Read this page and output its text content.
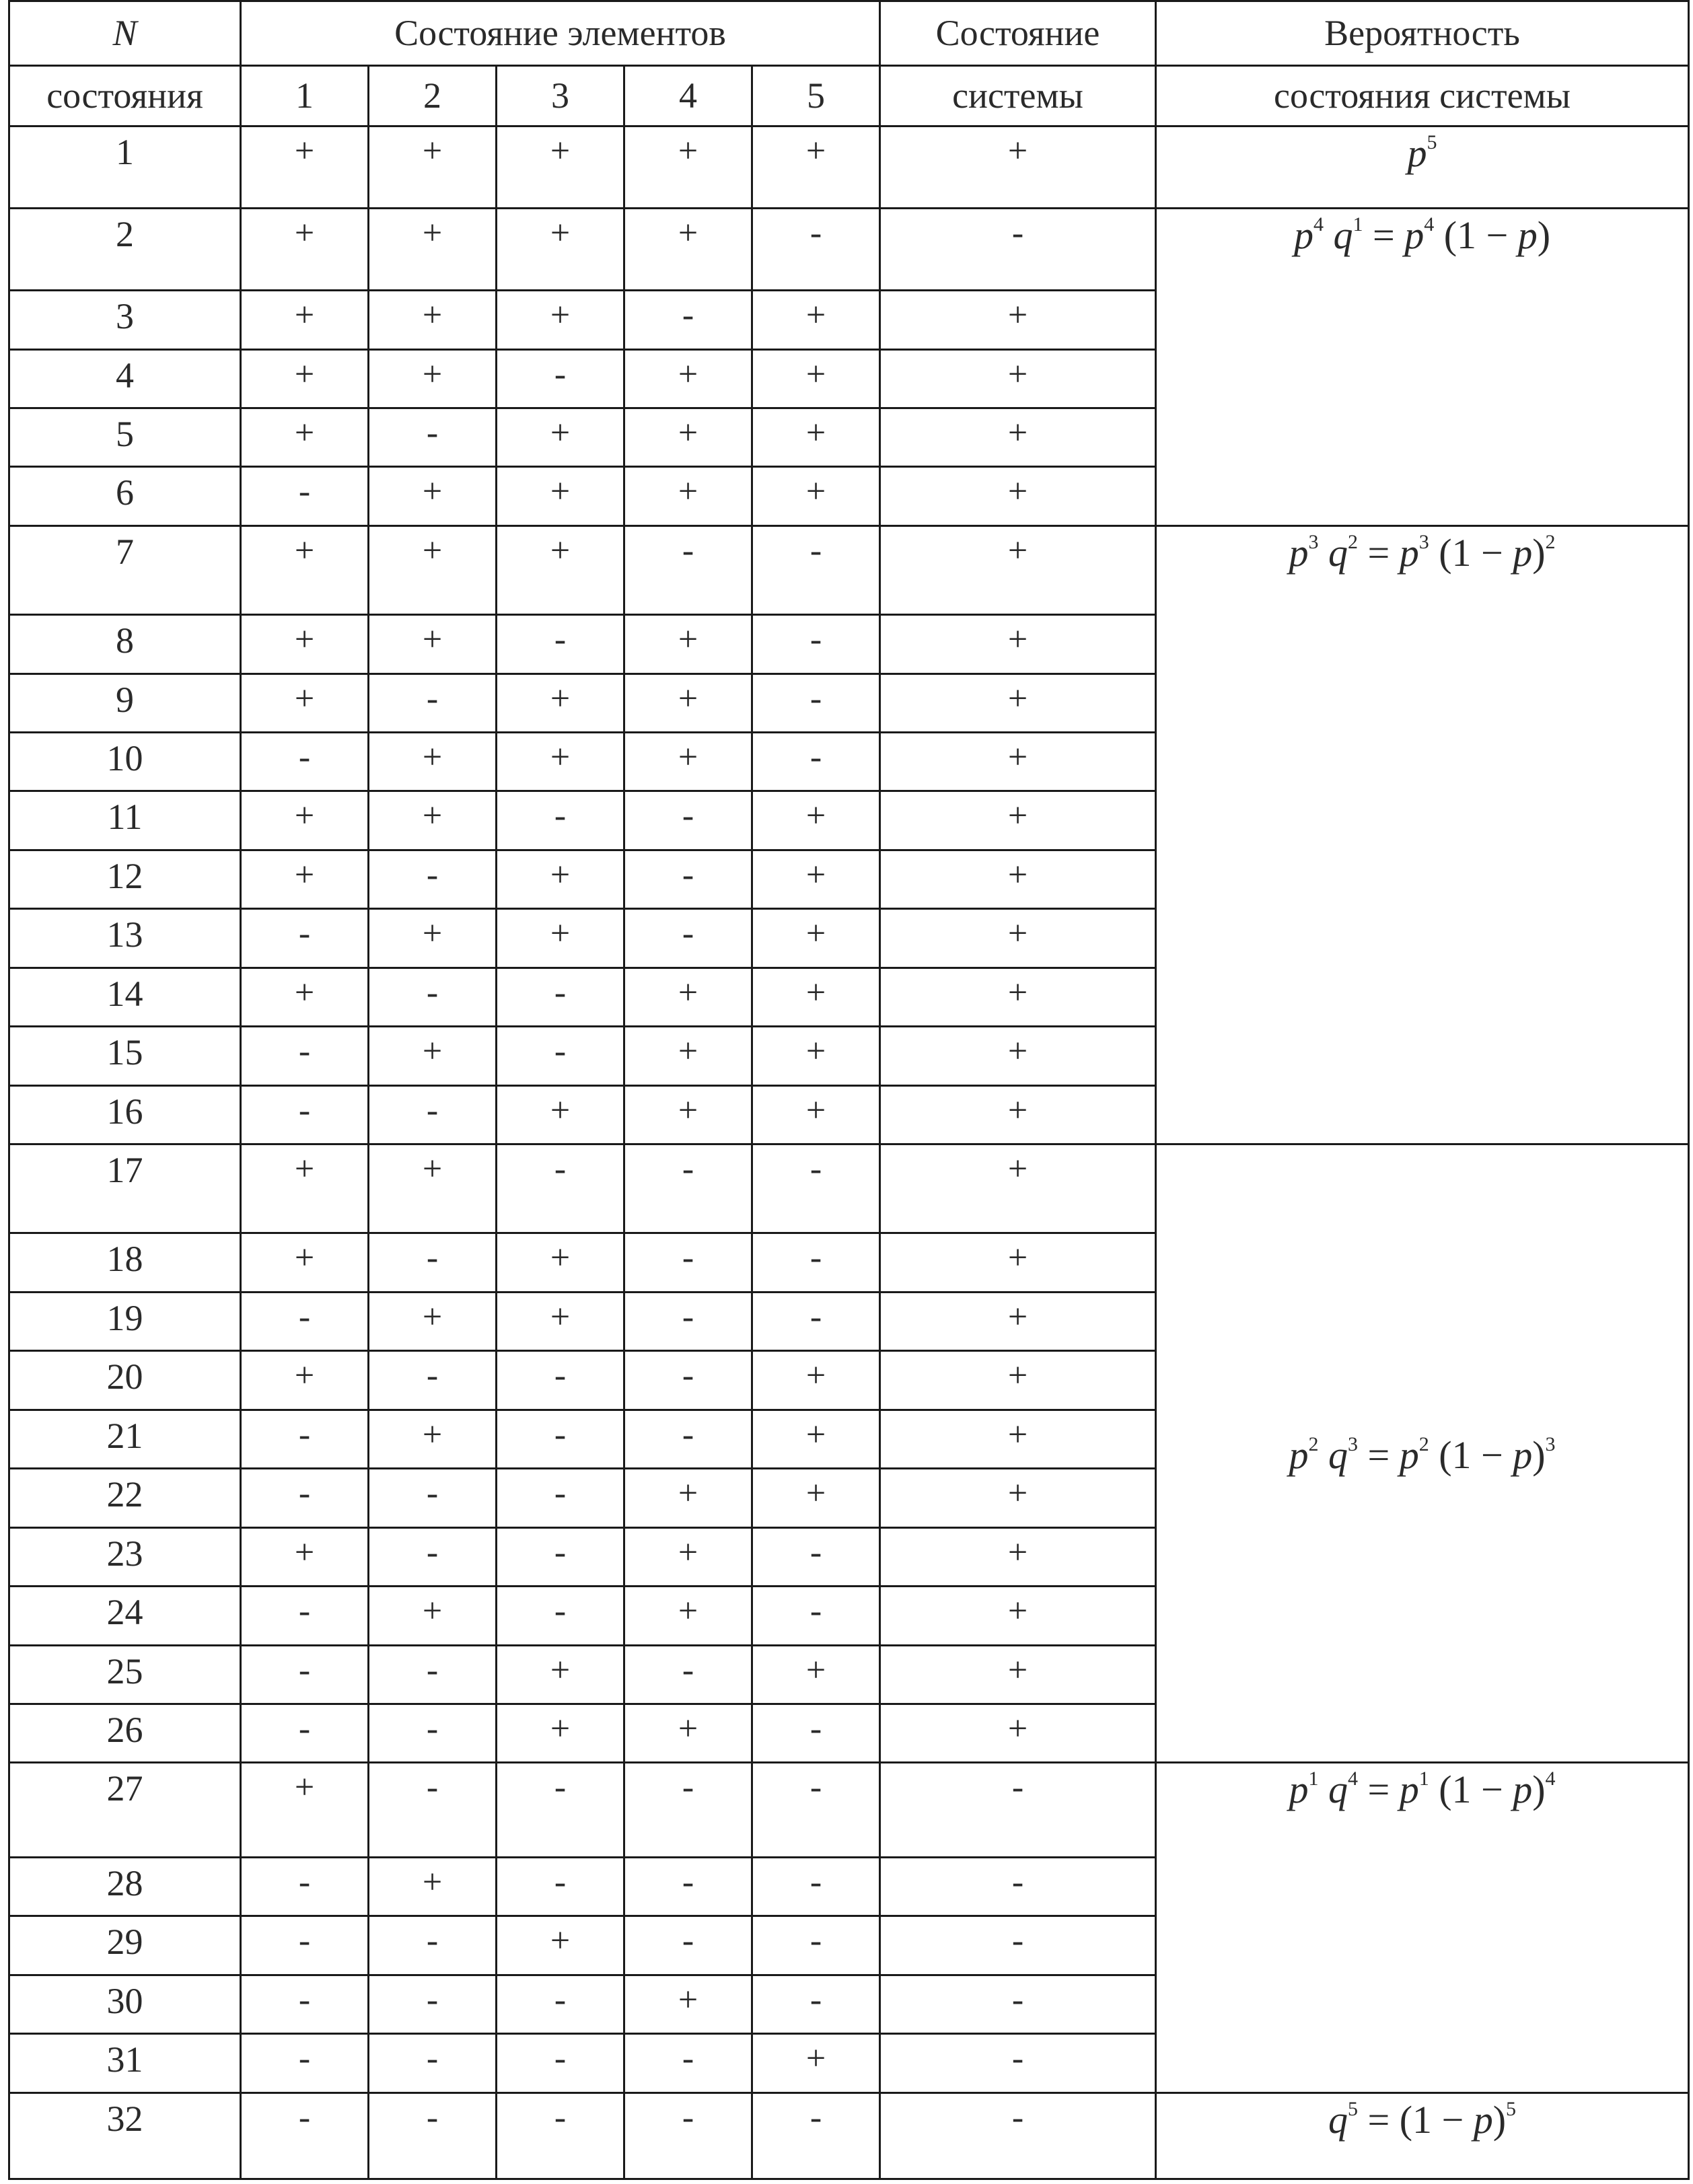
N	Состояние элементов					Состояние	Вероятность
состояния	1	2	3	4	5	системы	состояния системы
1	+	+	+	+	+	+	$p^5$
2	+	+	+	+	-	-	$p^4$ $q^1 = p^4$ (1 − p)
3	+	+	+	-	+	+	
4	+	+	-	+	+	+	
5	+	-	+	+	+	+	
6	-	+	+	+	+	+	
7	+	+	+	-	-	+	$p^3$ $q^2 = p^3$ $(1 - p)^2$
8	+	+	-	+	-	+	
9	+	-	+	+	-	+	
10	-	+	+	+	-	+	
11	+	+	-	-	+	+	
12	+	-	+	-	+	+	
13	-	+	+	-	+	+	
14	+	-	-	+	+	+	
15	-	+	-	+	+	+	
16	-	-	+	+	+	+	
17	+	+	-	-	-	+	$p^2$ $q^3 = p^2$ $(1 - p)^3$
18	+	-	+	-	-	+	
19	-	+	+	-	-	+	
20	+	-	-	-	+	+	
21	-	+	-	-	+	+	
22	-	-	-	+	+	+	
23	+	-	-	+	-	+	
24	-	+	-	+	-	+	
25	-	-	+	-	+	+	
26	-	-	+	+	-	+	
27	+	-	-	-	-	-	$p^1$ $q^4 = p^1$ $(1 - p)^4$
28	-	+	-	-	-	-	
29	-	-	+	-	-	-	
30	-	-	-	+	-	-	
31	-	-	-	-	+	-	
32	-	-	-	-	-	-	$q^5 = (1 - p)^5$
